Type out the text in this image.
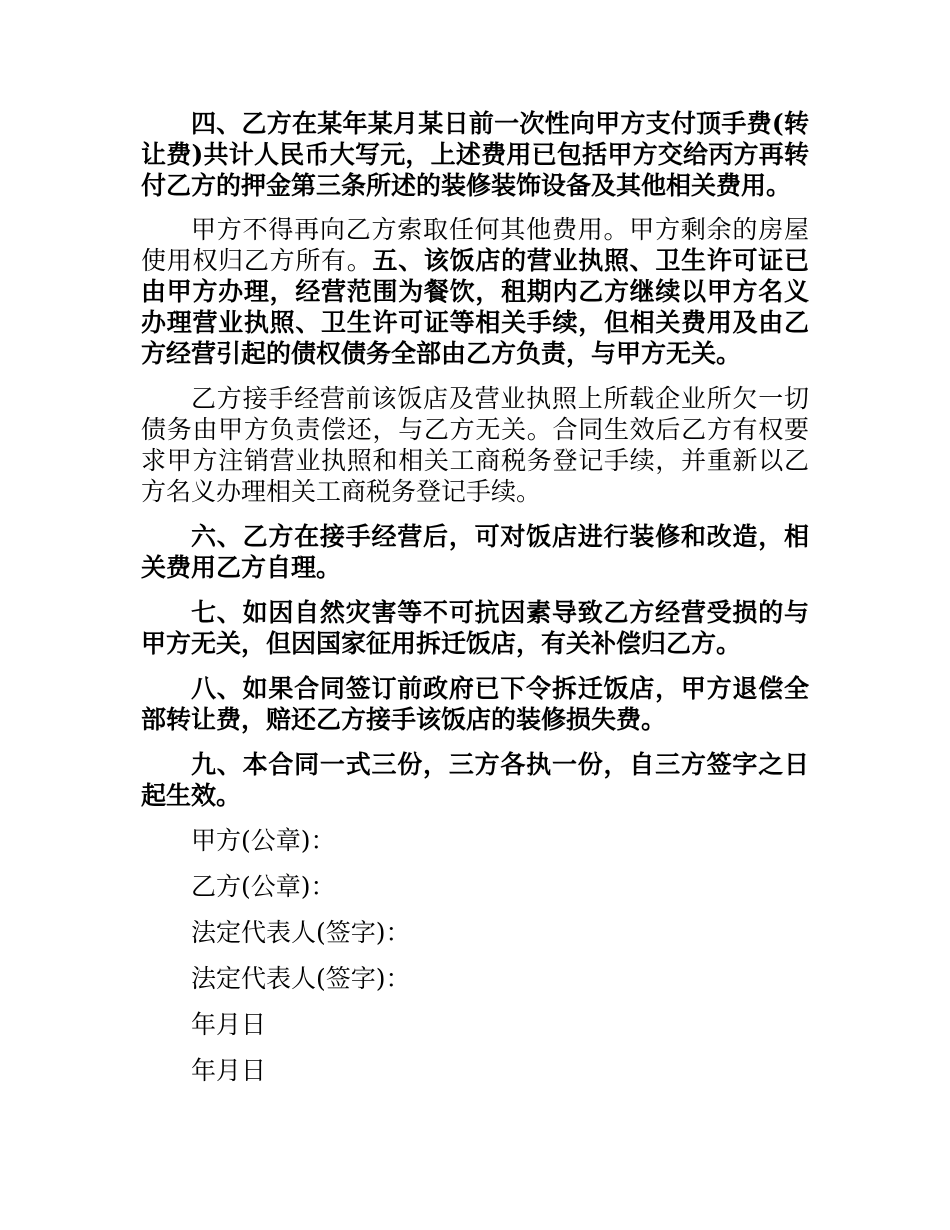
四、乙方在某年某月某日前一次性向甲方支付顶手费(转让费)共计人民币大写元，上述费用已包括甲方交给丙方再转付乙方的押金第三条所述的装修装饰设备及其他相关费用。

甲方不得再向乙方索取任何其他费用。甲方剩余的房屋使用权归乙方所有。五、该饭店的营业执照、卫生许可证已由甲方办理，经营范围为餐饮，租期内乙方继续以甲方名义办理营业执照、卫生许可证等相关手续，但相关费用及由乙方经营引起的债权债务全部由乙方负责，与甲方无关。

乙方接手经营前该饭店及营业执照上所载企业所欠一切债务由甲方负责偿还，与乙方无关。合同生效后乙方有权要求甲方注销营业执照和相关工商税务登记手续，并重新以乙方名义办理相关工商税务登记手续。

六、乙方在接手经营后，可对饭店进行装修和改造，相关费用乙方自理。

七、如因自然灾害等不可抗因素导致乙方经营受损的与甲方无关，但因国家征用拆迁饭店，有关补偿归乙方。

八、如果合同签订前政府已下令拆迁饭店，甲方退偿全部转让费，赔还乙方接手该饭店的装修损失费。

九、本合同一式三份，三方各执一份，自三方签字之日起生效。

甲方(公章)：

乙方(公章)：

法定代表人(签字)：

法定代表人(签字)：

年月日

年月日
